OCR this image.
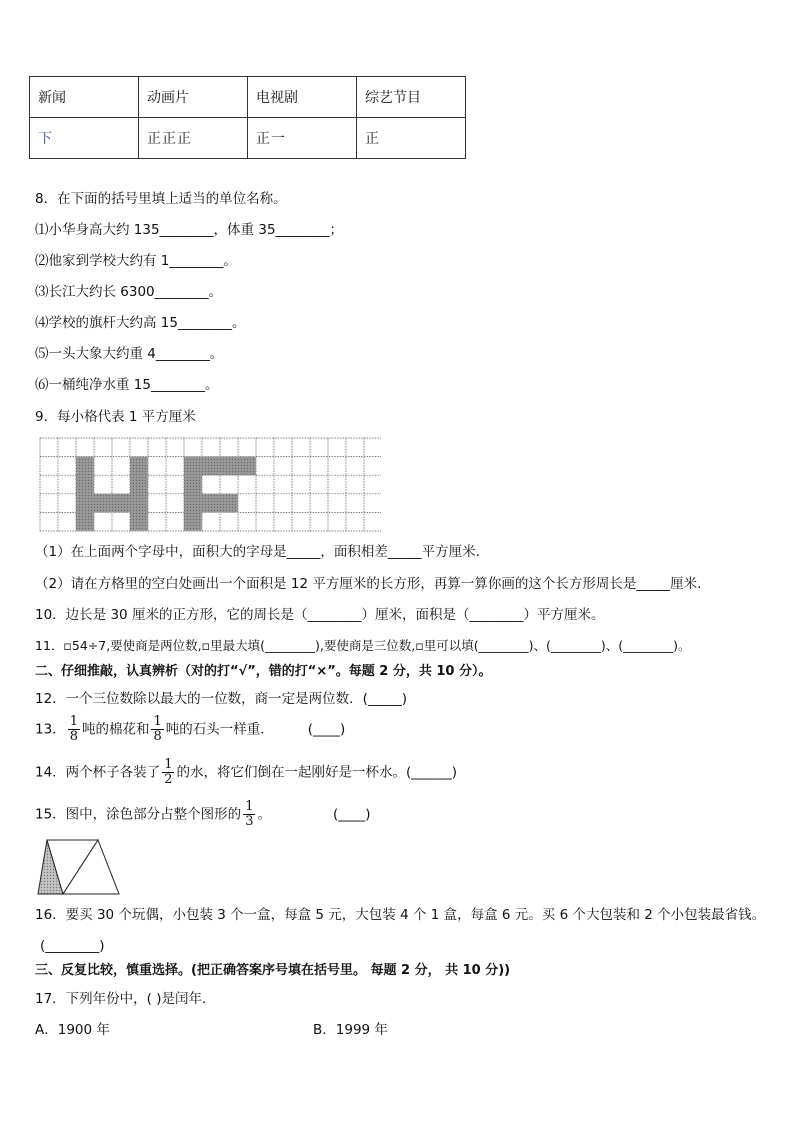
新闻	动画片	电视剧	综艺节目
下	正正正	正一	正
8．在下面的括号里填上适当的单位名称。
⑴小华身高大约 135________，体重 35________；
⑵他家到学校大约有 1________。
⑶长江大约长 6300________。
⑷学校的旗杆大约高 15________。
⑸一头大象大约重 4________。
⑹一桶纯净水重 15________。
9．每小格代表 1 平方厘米
（1）在上面两个字母中，面积大的字母是_____，面积相差_____平方厘米．
（2）请在方格里的空白处画出一个面积是 12 平方厘米的长方形，再算一算你画的这个长方形周长是_____厘米．
10．边长是 30 厘米的正方形，它的周长是（________）厘米，面积是（________）平方厘米。
11．▫54÷7,要使商是两位数,▫里最大填(________),要使商是三位数,▫里可以填(________)、(________)、(________)。
二、仔细推敲，认真辨析（对的打“√”，错的打“×”。每题 2 分，共 10 分）。
12．一个三位数除以最大的一位数，商一定是两位数．(_____)
13． $\frac{1}{8}$ 吨的棉花和 $\frac{1}{8}$ 吨的石头一样重．	(____)
14．两个杯子各装了 $\frac{1}{2}$ 的水，将它们倒在一起刚好是一杯水。(______)
15．图中，涂色部分占整个图形的 $\frac{1}{3}$ 。	(____)
16．要买 30 个玩偶，小包装 3 个一盒，每盒 5 元，大包装 4 个 1 盒，每盒 6 元。买 6 个大包装和 2 个小包装最省钱。
(________)
三、反复比较，慎重选择。(把正确答案序号填在括号里。 每题 2 分， 共 10 分))
17．下列年份中，( )是闰年．
A．1900 年	B．1999 年
